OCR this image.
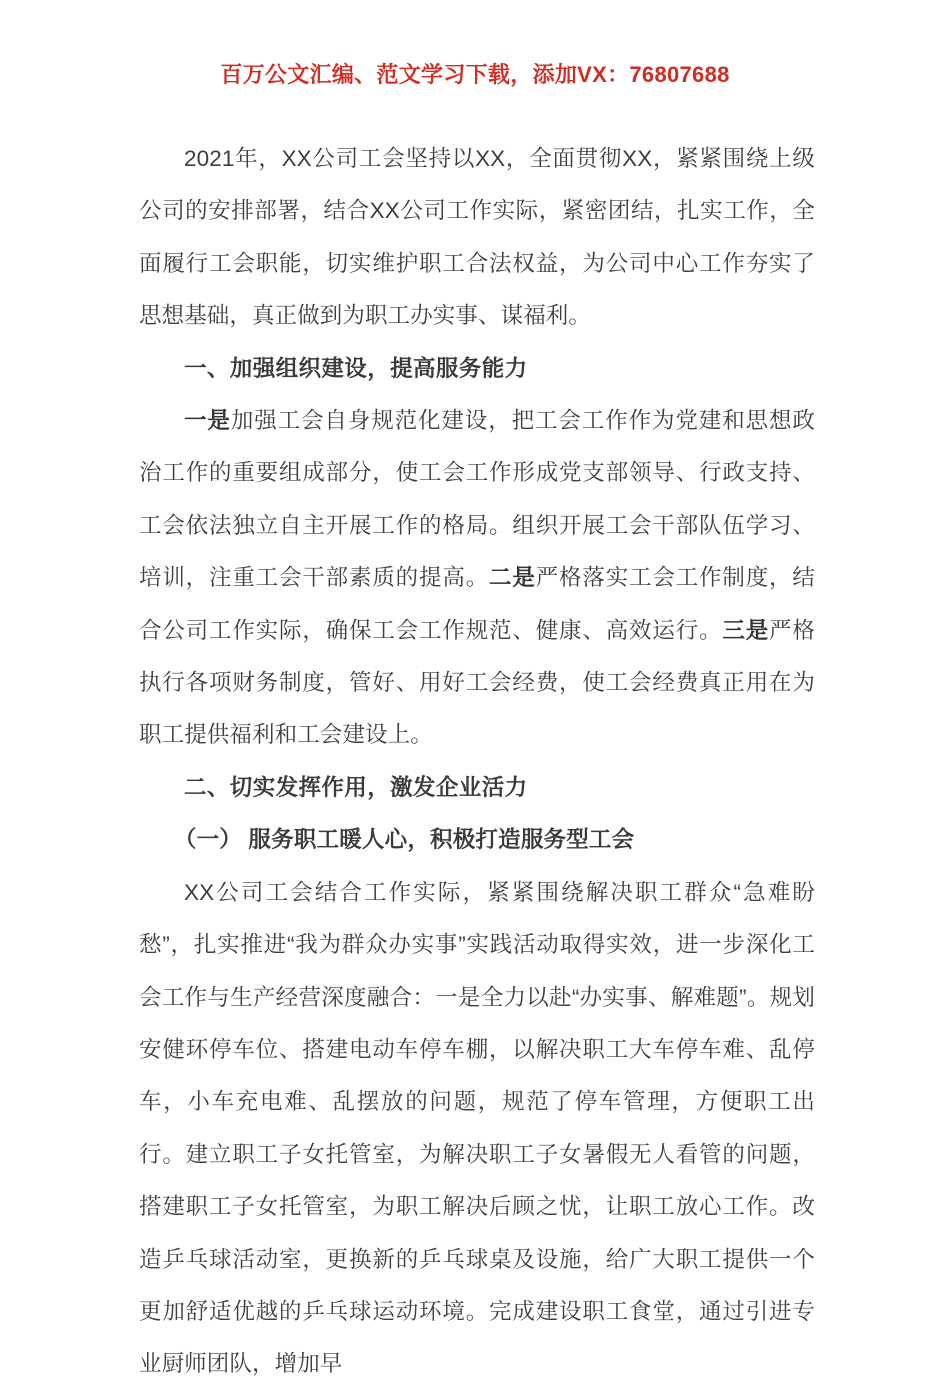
百万公文汇编、范文学习下载，添加VX：76807688

2021年，XX公司工会坚持以XX，全面贯彻XX，紧紧围绕上级公司的安排部署，结合XX公司工作实际，紧密团结，扎实工作，全面履行工会职能，切实维护职工合法权益，为公司中心工作夯实了思想基础，真正做到为职工办实事、谋福利。

一、加强组织建设，提高服务能力

一是加强工会自身规范化建设，把工会工作作为党建和思想政治工作的重要组成部分，使工会工作形成党支部领导、行政支持、工会依法独立自主开展工作的格局。组织开展工会干部队伍学习、培训，注重工会干部素质的提高。二是严格落实工会工作制度，结合公司工作实际，确保工会工作规范、健康、高效运行。三是严格执行各项财务制度，管好、用好工会经费，使工会经费真正用在为职工提供福利和工会建设上。

二、切实发挥作用，激发企业活力

（一） 服务职工暖人心，积极打造服务型工会

XX公司工会结合工作实际，紧紧围绕解决职工群众“急难盼愁”，扎实推进“我为群众办实事”实践活动取得实效，进一步深化工会工作与生产经营深度融合：一是全力以赴“办实事、解难题”。规划安健环停车位、搭建电动车停车棚，以解决职工大车停车难、乱停车，小车充电难、乱摆放的问题，规范了停车管理，方便职工出行。建立职工子女托管室，为解决职工子女暑假无人看管的问题，搭建职工子女托管室，为职工解决后顾之忧，让职工放心工作。改造乒乓球活动室，更换新的乒乓球桌及设施，给广大职工提供一个更加舒适优越的乒乓球运动环境。完成建设职工食堂，通过引进专业厨师团队，增加早
